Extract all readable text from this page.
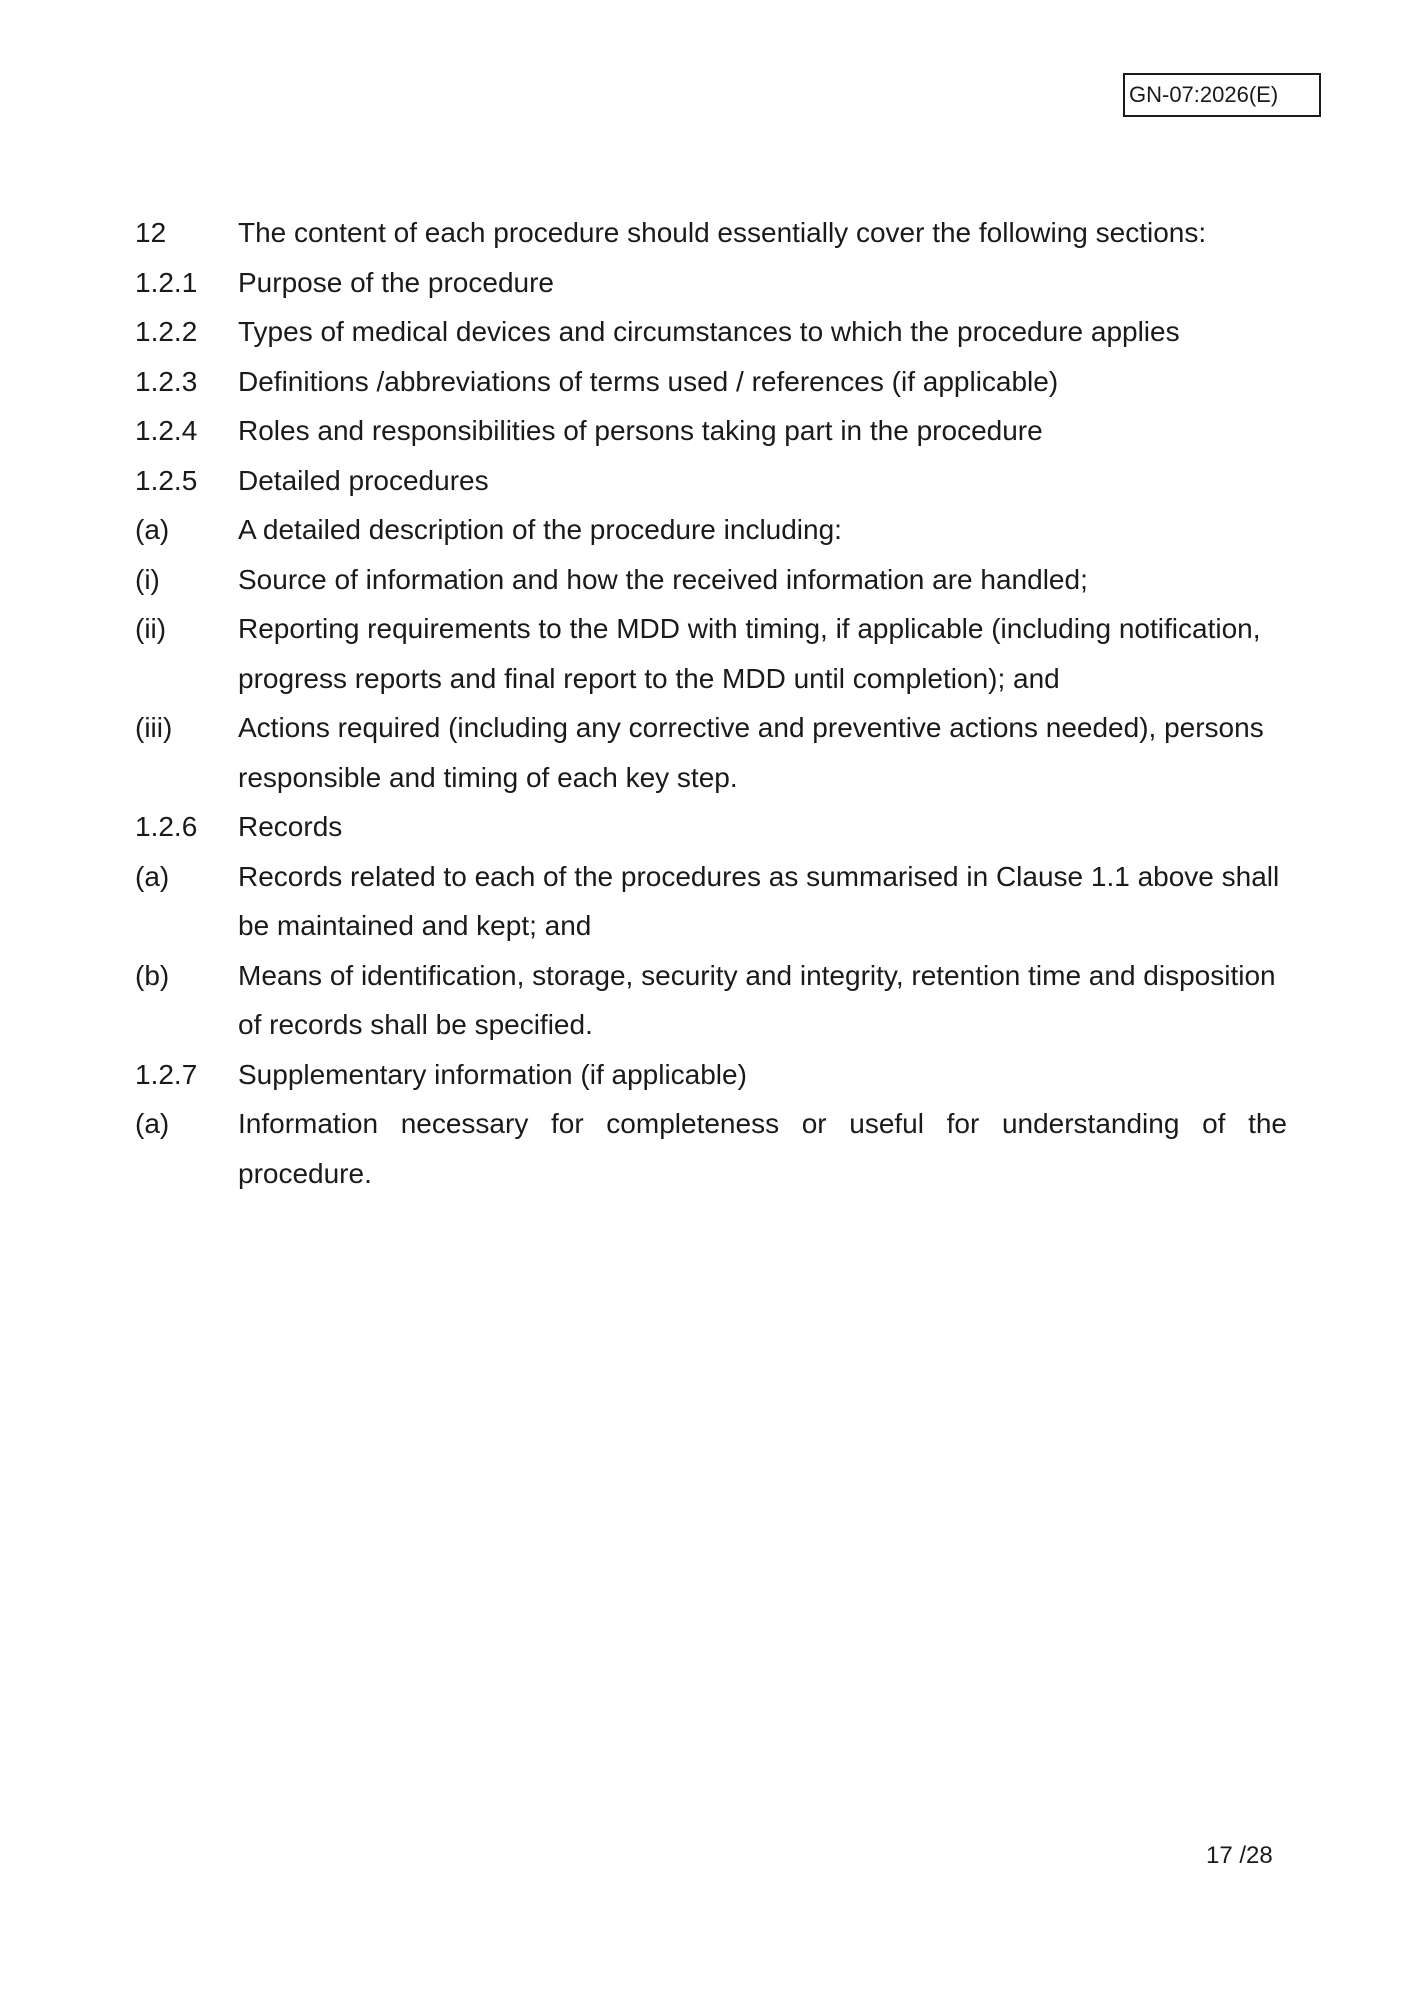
GN-07:2026(E)
12	The content of each procedure should essentially cover the following sections:
1.2.1	Purpose of the procedure
1.2.2	Types of medical devices and circumstances to which the procedure applies
1.2.3	Definitions /abbreviations of terms used / references (if applicable)
1.2.4	Roles and responsibilities of persons taking part in the procedure
1.2.5	Detailed procedures
(a)	A detailed description of the procedure including:
(i)	Source of information and how the received information are handled;
(ii)	Reporting requirements to the MDD with timing, if applicable (including notification, progress reports and final report to the MDD until completion); and
(iii)	Actions required (including any corrective and preventive actions needed), persons responsible and timing of each key step.
1.2.6	Records
(a)	Records related to each of the procedures as summarised in Clause 1.1 above shall be maintained and kept; and
(b)	Means of identification, storage, security and integrity, retention time and disposition of records shall be specified.
1.2.7	Supplementary information (if applicable)
(a)	Information necessary for completeness or useful for understanding of the procedure.
17 /28
